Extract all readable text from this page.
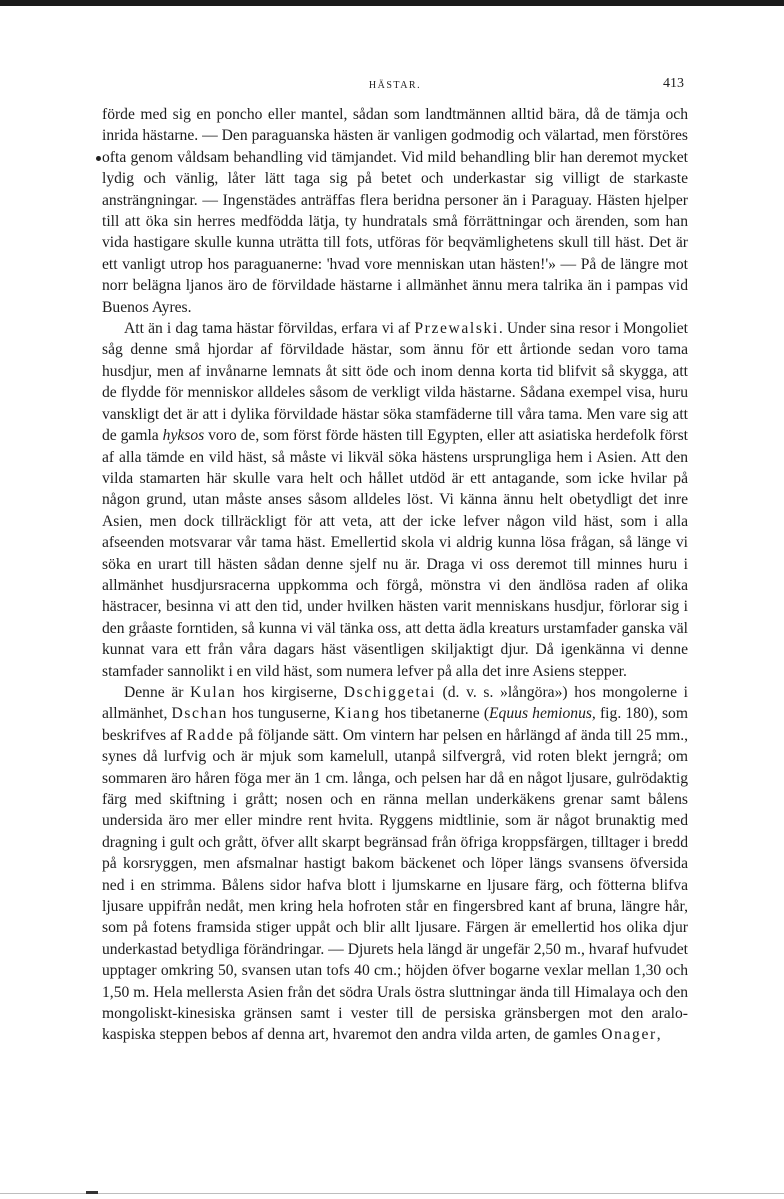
HÄSTAR.	413

förde med sig en poncho eller mantel, sådan som landtmännen alltid bära, då de tämja och inrida hästarne. — Den paraguanska hästen är vanligen godmodig och välartad, men förstöres ofta genom våldsam behandling vid tämjandet. Vid mild behandling blir han deremot mycket lydig och vänlig, låter lätt taga sig på betet och underkastar sig villigt de starkaste ansträngningar. — Ingenstädes anträffas flera beridna personer än i Paraguay. Hästen hjelper till att öka sin herres medfödda lätja, ty hundratals små förrättningar och ärenden, som han vida hastigare skulle kunna uträtta till fots, utföras för beqvämlighetens skull till häst. Det är ett vanligt utrop hos paraguanerne: 'hvad vore menniskan utan hästen!'» — På de längre mot norr belägna ljanos äro de förvildade hästarne i allmänhet ännu mera talrika än i pampas vid Buenos Ayres.

Att än i dag tama hästar förvildas, erfara vi af Przewalski. Under sina resor i Mongoliet såg denne små hjordar af förvildade hästar, som ännu för ett årtionde sedan voro tama husdjur, men af invånarne lemnats åt sitt öde och inom denna korta tid blifvit så skygga, att de flydde för menniskor alldeles såsom de verkligt vilda hästarne. Sådana exempel visa, huru vanskligt det är att i dylika förvildade hästar söka stamfäderne till våra tama. Men vare sig att de gamla hyksos voro de, som först förde hästen till Egypten, eller att asiatiska herdefolk först af alla tämde en vild häst, så måste vi likväl söka hästens ursprungliga hem i Asien. Att den vilda stamarten här skulle vara helt och hållet utdöd är ett antagande, som icke hvilar på någon grund, utan måste anses såsom alldeles löst. Vi känna ännu helt obetydligt det inre Asien, men dock tillräckligt för att veta, att der icke lefver någon vild häst, som i alla afseenden motsvarar vår tama häst. Emellertid skola vi aldrig kunna lösa frågan, så länge vi söka en urart till hästen sådan denne sjelf nu är. Draga vi oss deremot till minnes huru i allmänhet husdjursracerna uppkomma och förgå, mönstra vi den ändlösa raden af olika hästracer, besinna vi att den tid, under hvilken hästen varit menniskans husdjur, förlorar sig i den gråaste forntiden, så kunna vi väl tänka oss, att detta ädla kreaturs urstamfader ganska väl kunnat vara ett från våra dagars häst väsentligen skiljaktigt djur. Då igenkänna vi denne stamfader sannolikt i en vild häst, som numera lefver på alla det inre Asiens stepper.

Denne är Kulan hos kirgiserne, Dschiggetai (d. v. s. »långöra») hos mongolerne i allmänhet, Dschan hos tunguserne, Kiang hos tibetanerne (Equus hemionus, fig. 180), som beskrifves af Radde på följande sätt. Om vintern har pelsen en hårlängd af ända till 25 mm., synes då lurfvig och är mjuk som kamelull, utanpå silfvergrå, vid roten blekt jerngrå; om sommaren äro håren föga mer än 1 cm. långa, och pelsen har då en något ljusare, gulrödaktig färg med skiftning i grått; nosen och en ränna mellan underkäkens grenar samt bålens undersida äro mer eller mindre rent hvita. Ryggens midtlinie, som är något brunaktig med dragning i gult och grått, öfver allt skarpt begränsad från öfriga kroppsfärgen, tilltager i bredd på korsryggen, men afsmalnar hastigt bakom bäckenet och löper längs svansens öfversida ned i en strimma. Bålens sidor hafva blott i ljumskarne en ljusare färg, och fötterna blifva ljusare uppifrån nedåt, men kring hela hofroten står en fingersbred kant af bruna, längre hår, som på fotens framsida stiger uppåt och blir allt ljusare. Färgen är emellertid hos olika djur underkastad betydliga förändringar. — Djurets hela längd är ungefär 2,50 m., hvaraf hufvudet upptager omkring 50, svansen utan tofs 40 cm.; höjden öfver bogarne vexlar mellan 1,30 och 1,50 m. Hela mellersta Asien från det södra Urals östra sluttningar ända till Himalaya och den mongoliskt-kinesiska gränsen samt i vester till de persiska gränsbergen mot den aralo-kaspiska steppen bebos af denna art, hvaremot den andra vilda arten, de gamles Onager,
